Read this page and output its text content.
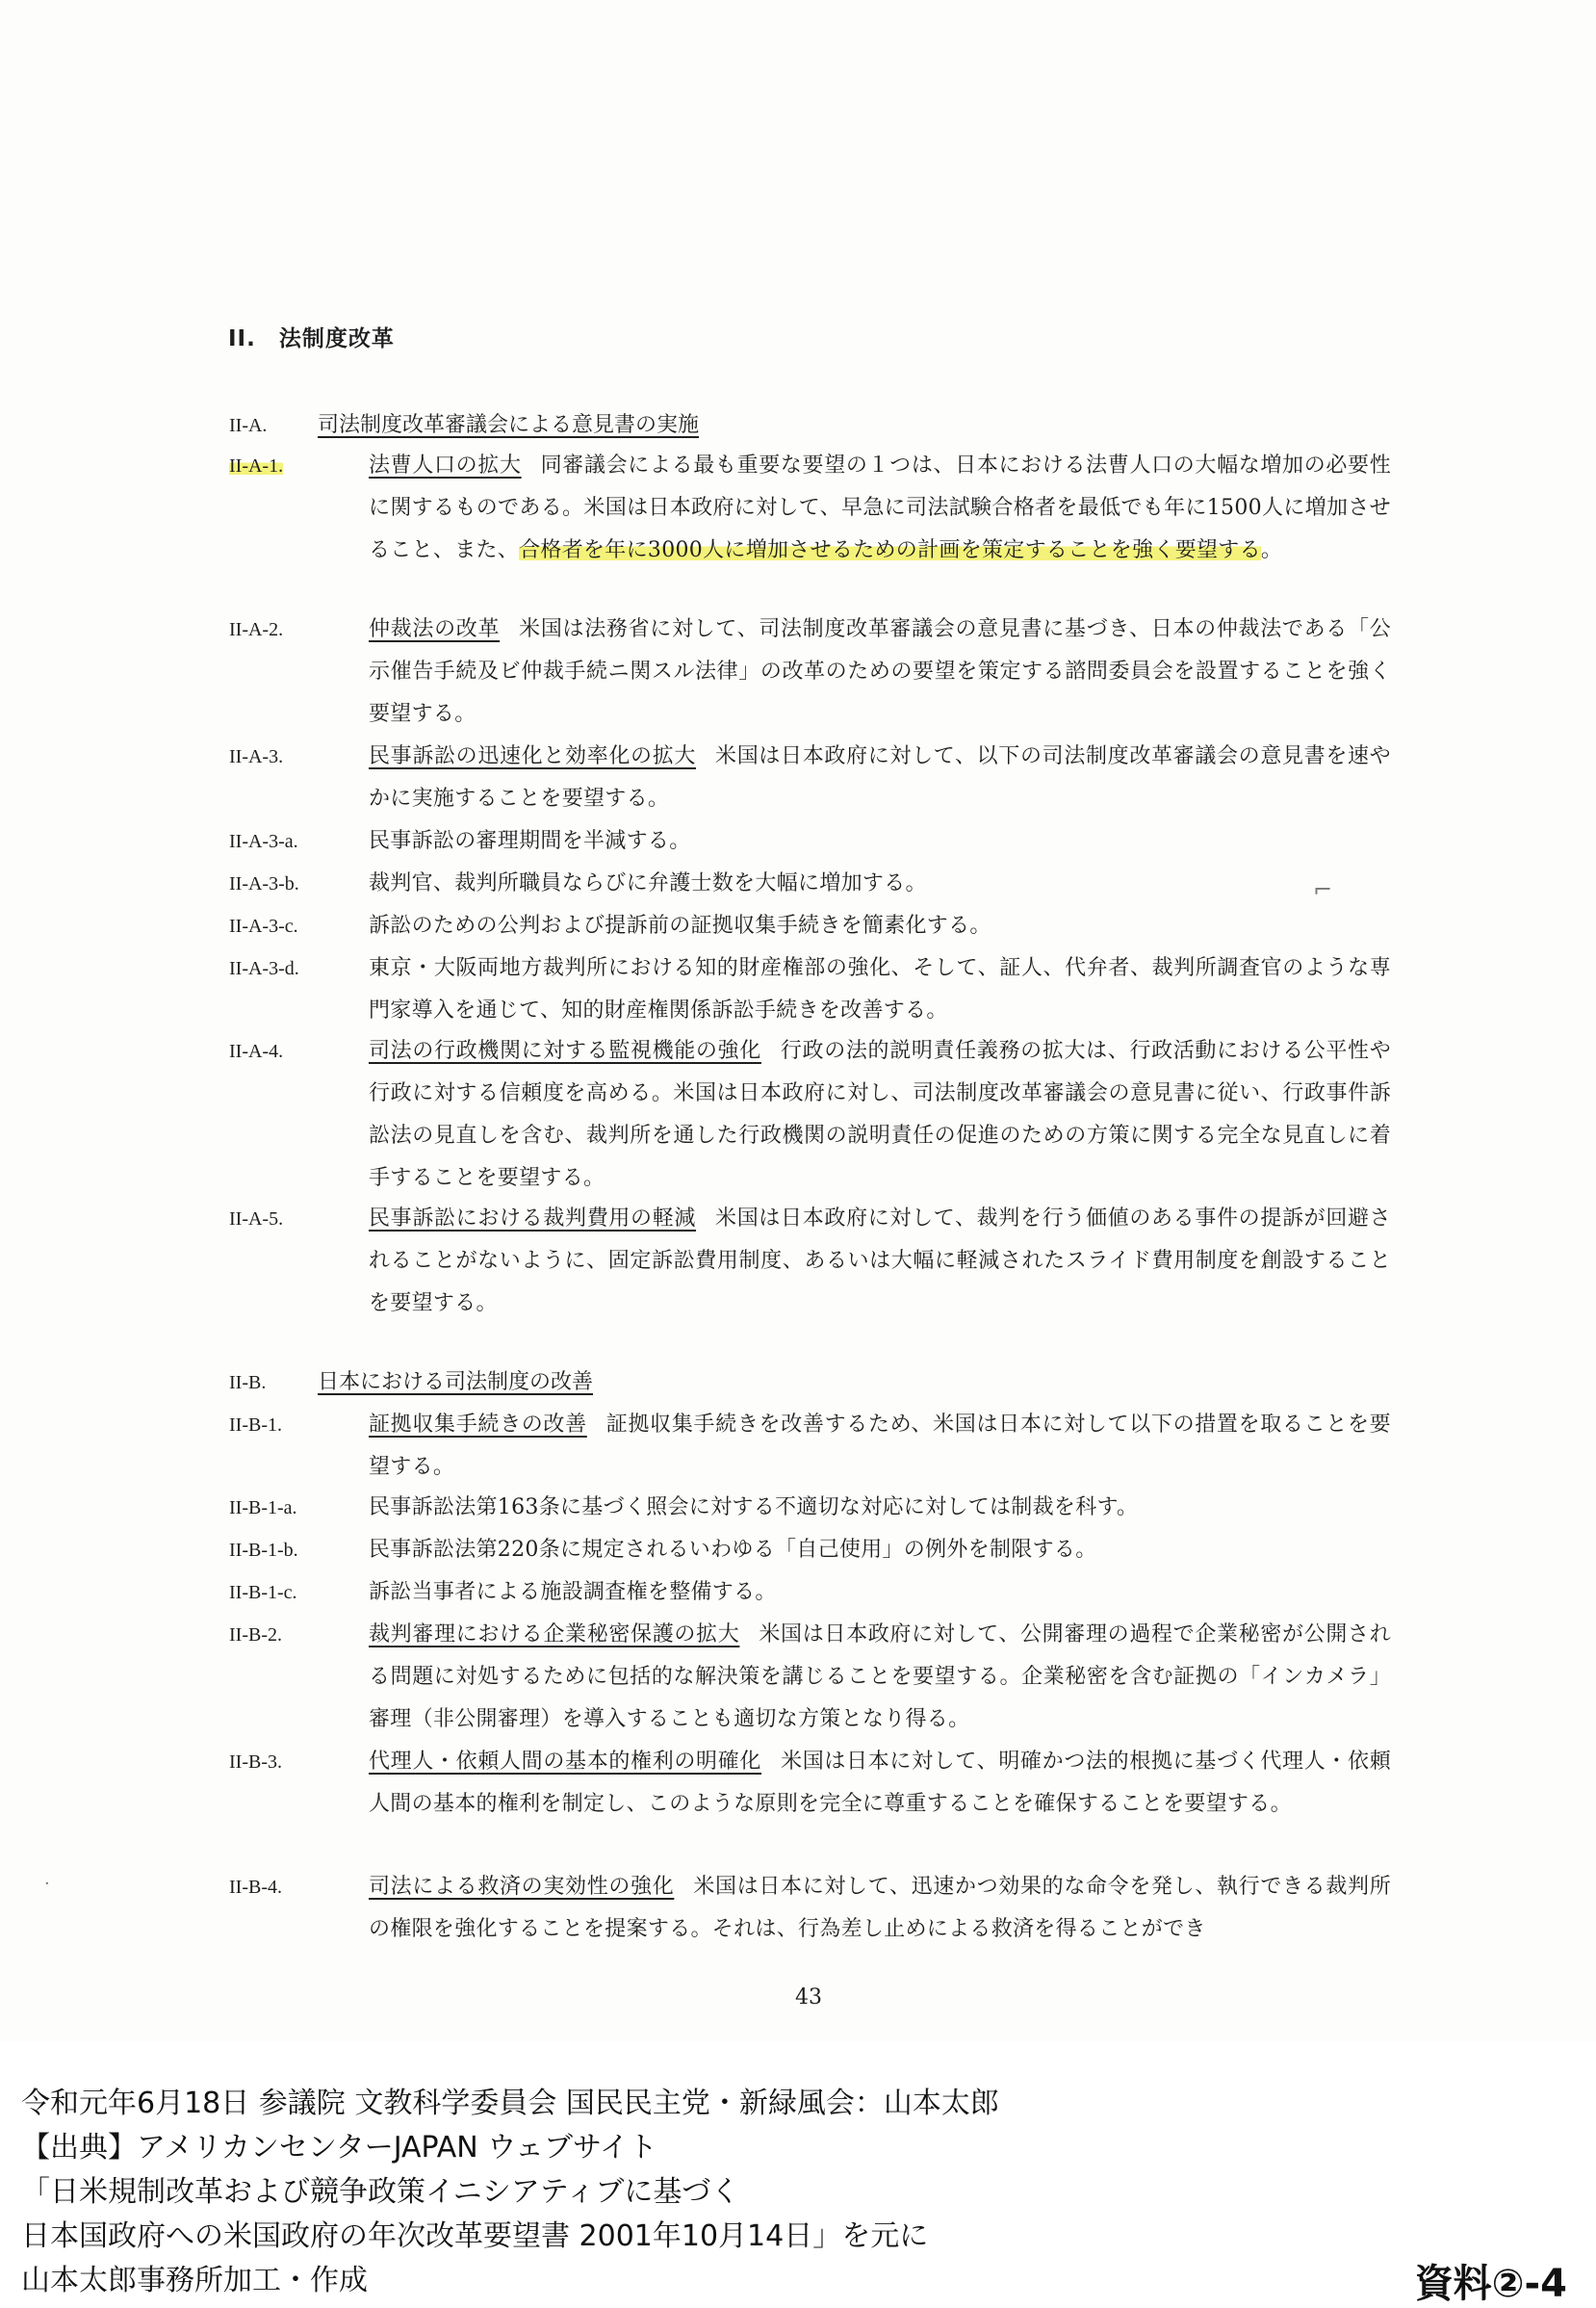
II.　法制度改革
II-A. 司法制度改革審議会による意見書の実施
II-A-1.	法曹人口の拡大 同審議会による最も重要な要望の１つは、日本における法曹人口の大幅な増加の必要性に関するものである。米国は日本政府に対して、早急に司法試験合格者を最低でも年に1500人に増加させること、また、合格者を年に3000人に増加させるための計画を策定することを強く要望する。
II-A-2.	仲裁法の改革 米国は法務省に対して、司法制度改革審議会の意見書に基づき、日本の仲裁法である「公示催告手続及ビ仲裁手続ニ関スル法律」の改革のための要望を策定する諮問委員会を設置することを強く要望する。
II-A-3.	民事訴訟の迅速化と効率化の拡大 米国は日本政府に対して、以下の司法制度改革審議会の意見書を速やかに実施することを要望する。
II-A-3-a.	民事訴訟の審理期間を半減する。
II-A-3-b.	裁判官、裁判所職員ならびに弁護士数を大幅に増加する。
II-A-3-c.	訴訟のための公判および提訴前の証拠収集手続きを簡素化する。
II-A-3-d.	東京・大阪両地方裁判所における知的財産権部の強化、そして、証人、代弁者、裁判所調査官のような専門家導入を通じて、知的財産権関係訴訟手続きを改善する。
II-A-4.	司法の行政機関に対する監視機能の強化 行政の法的説明責任義務の拡大は、行政活動における公平性や行政に対する信頼度を高める。米国は日本政府に対し、司法制度改革審議会の意見書に従い、行政事件訴訟法の見直しを含む、裁判所を通した行政機関の説明責任の促進のための方策に関する完全な見直しに着手することを要望する。
II-A-5.	民事訴訟における裁判費用の軽減 米国は日本政府に対して、裁判を行う価値のある事件の提訴が回避されることがないように、固定訴訟費用制度、あるいは大幅に軽減されたスライド費用制度を創設することを要望する。
II-B. 日本における司法制度の改善
II-B-1.	証拠収集手続きの改善 証拠収集手続きを改善するため、米国は日本に対して以下の措置を取ることを要望する。
II-B-1-a.	民事訴訟法第163条に基づく照会に対する不適切な対応に対しては制裁を科す。
II-B-1-b.	民事訴訟法第220条に規定されるいわゆる「自己使用」の例外を制限する。
II-B-1-c.	訴訟当事者による施設調査権を整備する。
II-B-2.	裁判審理における企業秘密保護の拡大 米国は日本政府に対して、公開審理の過程で企業秘密が公開される問題に対処するために包括的な解決策を講じることを要望する。企業秘密を含む証拠の「インカメラ」審理（非公開審理）を導入することも適切な方策となり得る。
II-B-3.	代理人・依頼人間の基本的権利の明確化 米国は日本に対して、明確かつ法的根拠に基づく代理人・依頼人間の基本的権利を制定し、このような原則を完全に尊重することを確保することを要望する。
II-B-4.	司法による救済の実効性の強化 米国は日本に対して、迅速かつ効果的な命令を発し、執行できる裁判所の権限を強化することを提案する。それは、行為差し止めによる救済を得ることができ
43
⌐
·
令和元年6月18日 参議院 文教科学委員会 国民民主党・新緑風会：山本太郎
【出典】アメリカンセンターJAPAN ウェブサイト
「日米規制改革および競争政策イニシアティブに基づく
日本国政府への米国政府の年次改革要望書 2001年10月14日」を元に
山本太郎事務所加工・作成	資料②-4
